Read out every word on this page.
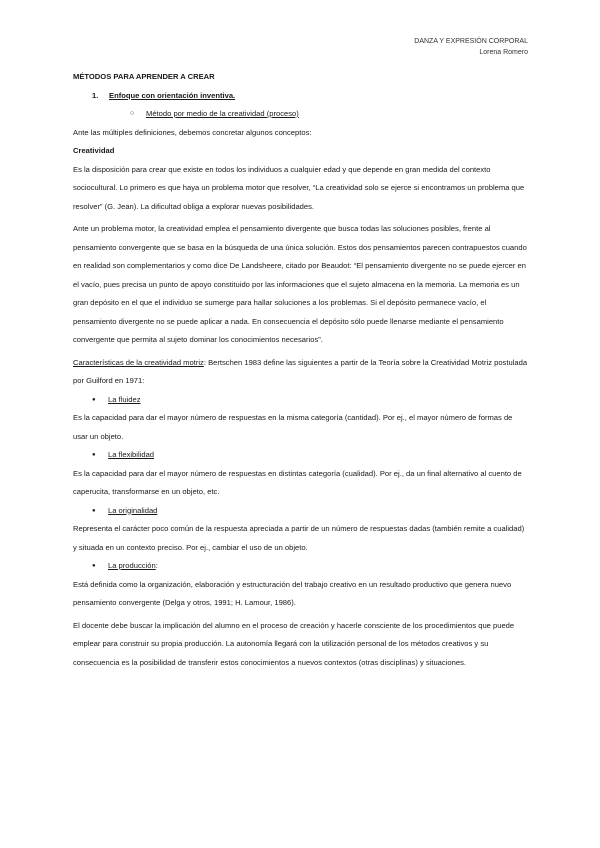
DANZA Y EXPRESIÓN CORPORAL
Lorena Romero

MÉTODOS PARA APRENDER A CREAR

1.	Enfoque con orientación inventiva.
○	Método por medio de la creatividad (proceso)

Ante las múltiples definiciones, debemos concretar algunos conceptos:

Creatividad

Es la disposición para crear que existe en todos los individuos a cualquier edad y que depende en gran medida del contexto sociocultural. Lo primero es que haya un problema motor que resolver, “La creatividad solo se ejerce si encontramos un problema que resolver” (G. Jean). La dificultad obliga a explorar nuevas posibilidades.

Ante un problema motor, la creatividad emplea el pensamiento divergente que busca todas las soluciones posibles, frente al pensamiento convergente que se basa en la búsqueda de una única solución. Estos dos pensamientos parecen contrapuestos cuando en realidad son complementarios y como dice De Landsheere, citado por Beaudot: “El pensamiento divergente no se puede ejercer en el vacío, pues precisa un punto de apoyo constituido por las informaciones que el sujeto almacena en la memoria. La memoria es un gran depósito en el que el individuo se sumerge para hallar soluciones a los problemas. Si el depósito permanece vacío, el pensamiento divergente no se puede aplicar a nada. En consecuencia el depósito sólo puede llenarse mediante el pensamiento convergente que permita al sujeto dominar los conocimientos necesarios”.

Características de la creatividad motriz: Bertschen 1983 define las siguientes a partir de la Teoría sobre la Creatividad Motriz postulada por Guilford en 1971:

●	La fluidez

Es la capacidad para dar el mayor número de respuestas en la misma categoría (cantidad). Por ej., el mayor número de formas de usar un objeto.

●	La flexibilidad

Es la capacidad para dar el mayor número de respuestas en distintas categoría (cualidad). Por ej., da un final alternativo al cuento de caperucita, transformarse en un objeto, etc.

●	La originalidad

Representa el carácter poco común de la respuesta apreciada a partir de un número de respuestas dadas (también remite a cualidad) y situada en un contexto preciso. Por ej., cambiar el uso de un objeto.

●	La producción:

Está definida como la organización, elaboración y estructuración del trabajo creativo en un resultado productivo que genera nuevo pensamiento convergente (Delga y otros, 1991; H. Lamour, 1986).

El docente debe buscar la implicación del alumno en el proceso de creación y hacerle consciente de los procedimientos que puede emplear para construir su propia producción. La autonomía llegará con la utilización personal de los métodos creativos y su consecuencia es la posibilidad de transferir estos conocimientos a nuevos contextos (otras disciplinas) y situaciones.
